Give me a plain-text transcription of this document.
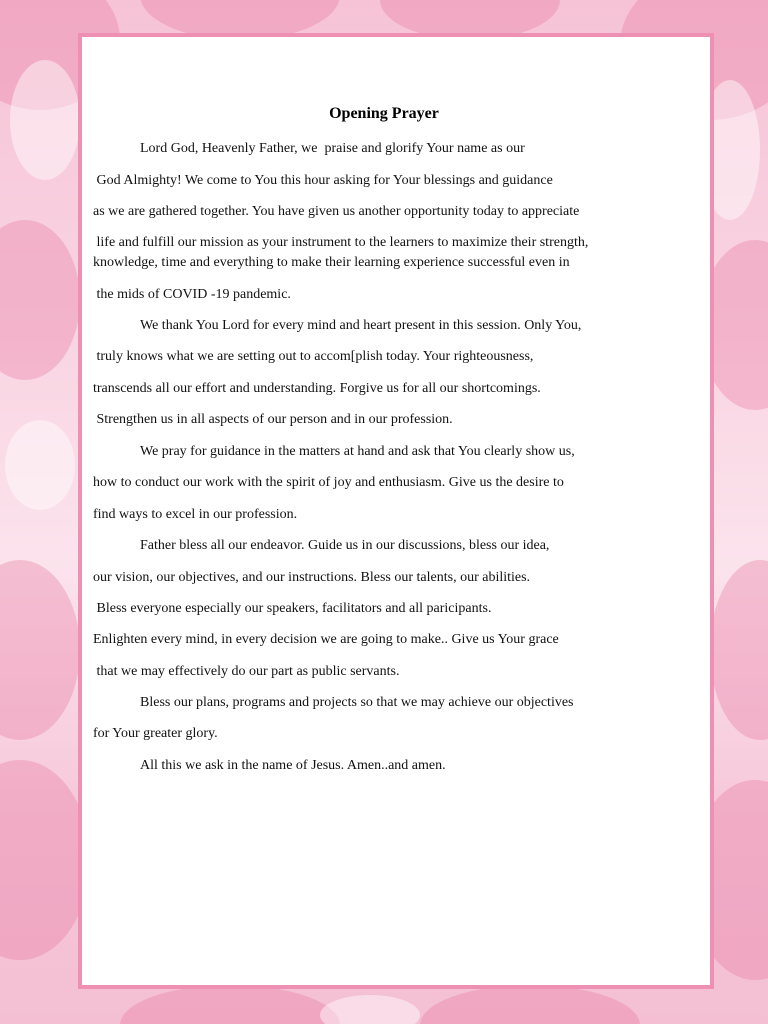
Opening Prayer
Lord God, Heavenly Father, we  praise and glorify Your name as our
God Almighty! We come to You this hour asking for Your blessings and guidance
as we are gathered together. You have given us another opportunity today to appreciate
life and fulfill our mission as your instrument to the learners to maximize their strength,
knowledge, time and everything to make their learning experience successful even in
the mids of COVID -19 pandemic.
We thank You Lord for every mind and heart present in this session. Only You,
truly knows what we are setting out to accom[plish today. Your righteousness,
transcends all our effort and understanding. Forgive us for all our shortcomings.
Strengthen us in all aspects of our person and in our profession.
We pray for guidance in the matters at hand and ask that You clearly show us,
how to conduct our work with the spirit of joy and enthusiasm. Give us the desire to
find ways to excel in our profession.
Father bless all our endeavor. Guide us in our discussions, bless our idea,
our vision, our objectives, and our instructions. Bless our talents, our abilities.
Bless everyone especially our speakers, facilitators and all paricipants.
Enlighten every mind, in every decision we are going to make.. Give us Your grace
that we may effectively do our part as public servants.
Bless our plans, programs and projects so that we may achieve our objectives
for Your greater glory.
All this we ask in the name of Jesus. Amen..and amen.
